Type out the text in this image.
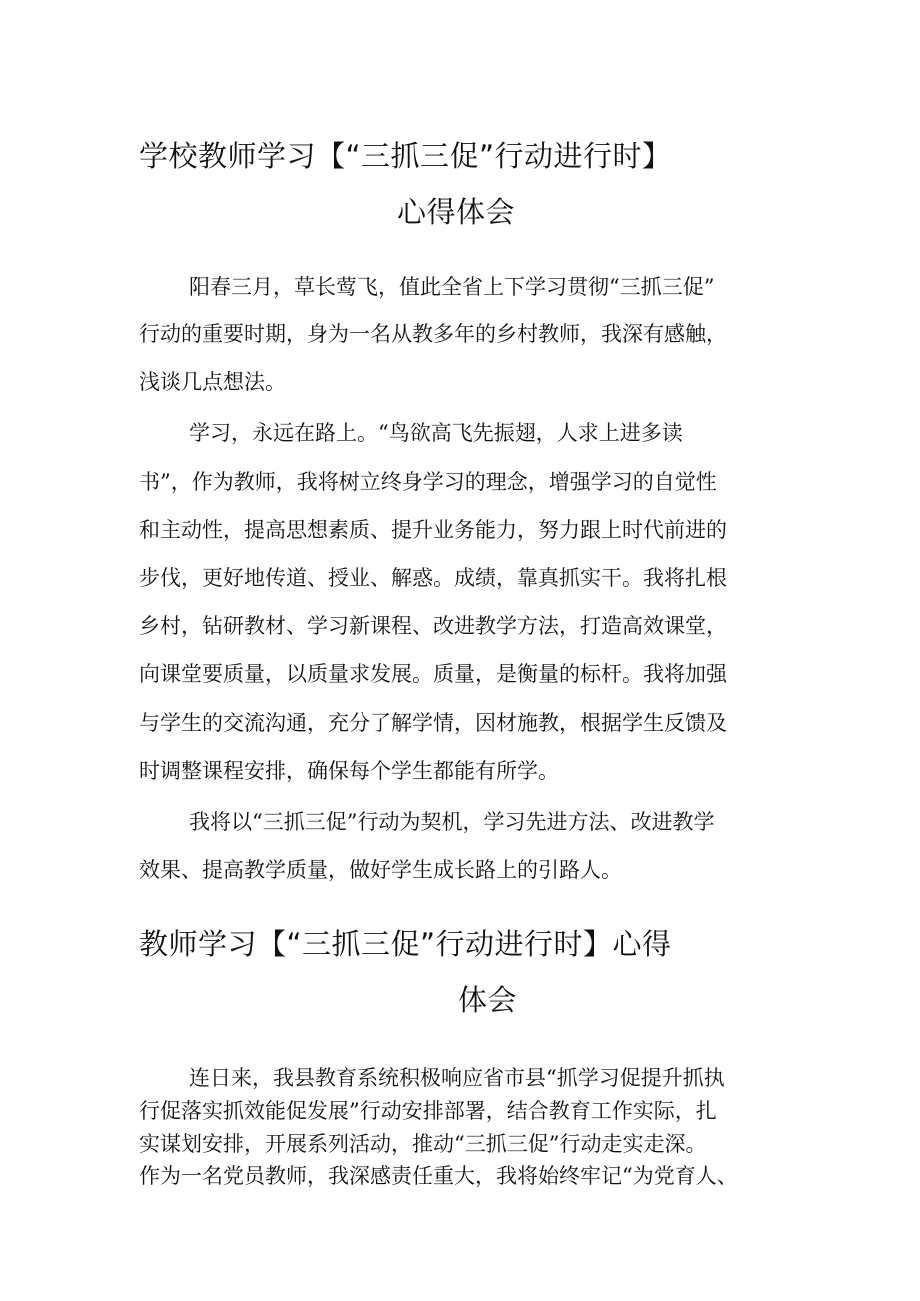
学校教师学习【“三抓三促”行动进行时】
心得体会
阳春三月，草长莺飞，值此全省上下学习贯彻“三抓三促”
行动的重要时期，身为一名从教多年的乡村教师，我深有感触，
浅谈几点想法。
学习，永远在路上。“鸟欲高飞先振翅，人求上进多读
书”，作为教师，我将树立终身学习的理念，增强学习的自觉性
和主动性，提高思想素质、提升业务能力，努力跟上时代前进的
步伐，更好地传道、授业、解惑。成绩，靠真抓实干。我将扎根
乡村，钻研教材、学习新课程、改进教学方法，打造高效课堂，
向课堂要质量，以质量求发展。质量，是衡量的标杆。我将加强
与学生的交流沟通，充分了解学情，因材施教，根据学生反馈及
时调整课程安排，确保每个学生都能有所学。
我将以“三抓三促”行动为契机，学习先进方法、改进教学
效果、提高教学质量，做好学生成长路上的引路人。
教师学习【“三抓三促”行动进行时】心得
体会
连日来，我县教育系统积极响应省市县“抓学习促提升抓执
行促落实抓效能促发展”行动安排部署，结合教育工作实际，扎
实谋划安排，开展系列活动，推动“三抓三促”行动走实走深。
作为一名党员教师，我深感责任重大，我将始终牢记“为党育人、
